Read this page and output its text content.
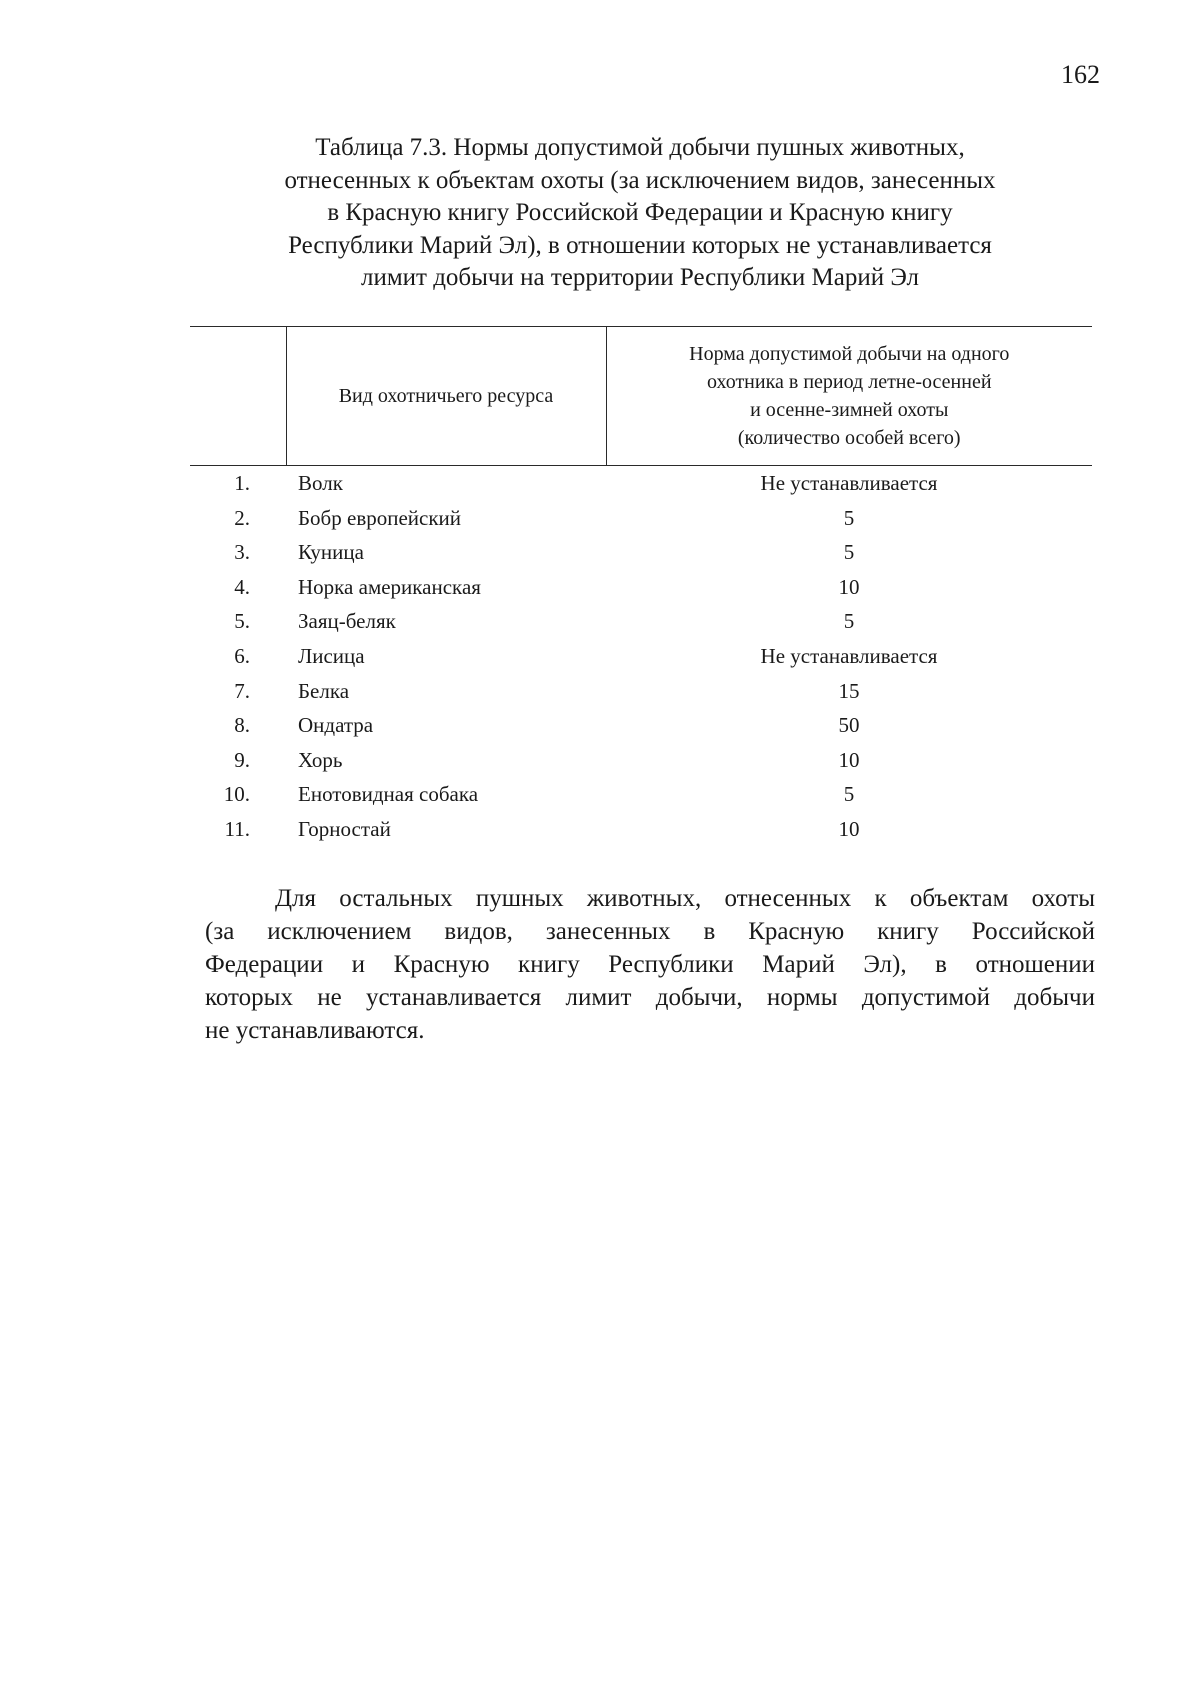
162
Таблица 7.3. Нормы допустимой добычи пушных животных,
отнесенных к объектам охоты (за исключением видов, занесенных
в Красную книгу Российской Федерации и Красную книгу
Республики Марий Эл), в отношении которых не устанавливается
лимит добычи на территории Республики Марий Эл

	Вид охотничьего ресурса	Норма допустимой добычи на одного
охотника в период летне-осенней
и осенне-зимней охоты
(количество особей всего)

1.	Волк	Не устанавливается
2.	Бобр европейский	5
3.	Куница	5
4.	Норка американская	10
5.	Заяц-беляк	5
6.	Лисица	Не устанавливается
7.	Белка	15
8.	Ондатра	50
9.	Хорь	10
10.	Енотовидная собака	5
11.	Горностай	10
Для остальных пушных животных, отнесенных к объектам охоты
(за исключением видов, занесенных в Красную книгу Российской
Федерации и Красную книгу Республики Марий Эл), в отношении
которых не устанавливается лимит добычи, нормы допустимой добычи
не устанавливаются.
